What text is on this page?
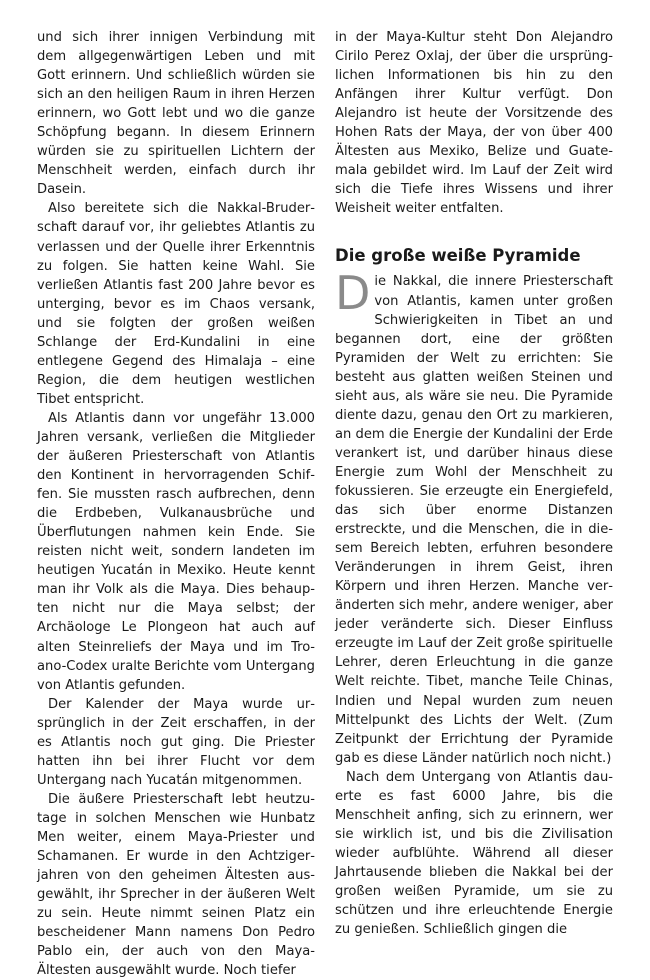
und sich ihrer innigen Verbindung mit dem allgegenwärtigen Leben und mit Gott erinnern. Und schließlich würden sie sich an den heiligen Raum in ihren Herzen erinnern, wo Gott lebt und wo die ganze Schöpfung begann. In diesem Erinnern würden sie zu spirituellen Lichtern der Menschheit werden, einfach durch ihr Dasein.

Also bereitete sich die Nakkal-Bruderschaft darauf vor, ihr geliebtes Atlantis zu verlassen und der Quelle ihrer Erkenntnis zu folgen. Sie hatten keine Wahl. Sie verließen Atlantis fast 200 Jahre bevor es unterging, bevor es im Chaos versank, und sie folgten der großen weißen Schlange der Erd-Kundalini in eine entlegene Gegend des Himalaja – eine Region, die dem heutigen westlichen Tibet entspricht.

Als Atlantis dann vor ungefähr 13.000 Jahren versank, verließen die Mitglieder der äußeren Priesterschaft von Atlantis den Kontinent in hervorragenden Schiffen. Sie mussten rasch aufbrechen, denn die Erdbeben, Vulkanausbrüche und Überflutungen nahmen kein Ende. Sie reisten nicht weit, sondern landeten im heutigen Yucatán in Mexiko. Heute kennt man ihr Volk als die Maya. Dies behaupten nicht nur die Maya selbst; der Archäologe Le Plongeon hat auch auf alten Steinreliefs der Maya und im Troano-Codex uralte Berichte vom Untergang von Atlantis gefunden.

Der Kalender der Maya wurde ursprünglich in der Zeit erschaffen, in der es Atlantis noch gut ging. Die Priester hatten ihn bei ihrer Flucht vor dem Untergang nach Yucatán mitgenommen.

Die äußere Priesterschaft lebt heutzutage in solchen Menschen wie Hunbatz Men weiter, einem Maya-Priester und Schamanen. Er wurde in den Achtzigerjahren von den geheimen Ältesten ausgewählt, ihr Sprecher in der äußeren Welt zu sein. Heute nimmt seinen Platz ein bescheidener Mann namens Don Pedro Pablo ein, der auch von den Maya-Ältesten ausgewählt wurde. Noch tiefer

in der Maya-Kultur steht Don Alejandro Cirilo Perez Oxlaj, der über die ursprünglichen Informationen bis hin zu den Anfängen ihrer Kultur verfügt. Don Alejandro ist heute der Vorsitzende des Hohen Rats der Maya, der von über 400 Ältesten aus Mexiko, Belize und Guatemala gebildet wird. Im Lauf der Zeit wird sich die Tiefe ihres Wissens und ihrer Weisheit weiter entfalten.

Die große weiße Pyramide

Die Nakkal, die innere Priesterschaft von Atlantis, kamen unter großen Schwierigkeiten in Tibet an und begannen dort, eine der größten Pyramiden der Welt zu errichten: Sie besteht aus glatten weißen Steinen und sieht aus, als wäre sie neu. Die Pyramide diente dazu, genau den Ort zu markieren, an dem die Energie der Kundalini der Erde verankert ist, und darüber hinaus diese Energie zum Wohl der Menschheit zu fokussieren. Sie erzeugte ein Energiefeld, das sich über enorme Distanzen erstreckte, und die Menschen, die in diesem Bereich lebten, erfuhren besondere Veränderungen in ihrem Geist, ihren Körpern und ihren Herzen. Manche veränderten sich mehr, andere weniger, aber jeder veränderte sich. Dieser Einfluss erzeugte im Lauf der Zeit große spirituelle Lehrer, deren Erleuchtung in die ganze Welt reichte. Tibet, manche Teile Chinas, Indien und Nepal wurden zum neuen Mittelpunkt des Lichts der Welt. (Zum Zeitpunkt der Errichtung der Pyramide gab es diese Länder natürlich noch nicht.)

Nach dem Untergang von Atlantis dauerte es fast 6000 Jahre, bis die Menschheit anfing, sich zu erinnern, wer sie wirklich ist, und bis die Zivilisation wieder aufblühte. Während all dieser Jahrtausende blieben die Nakkal bei der großen weißen Pyramide, um sie zu schützen und ihre erleuchtende Energie zu genießen. Schließlich gingen die
